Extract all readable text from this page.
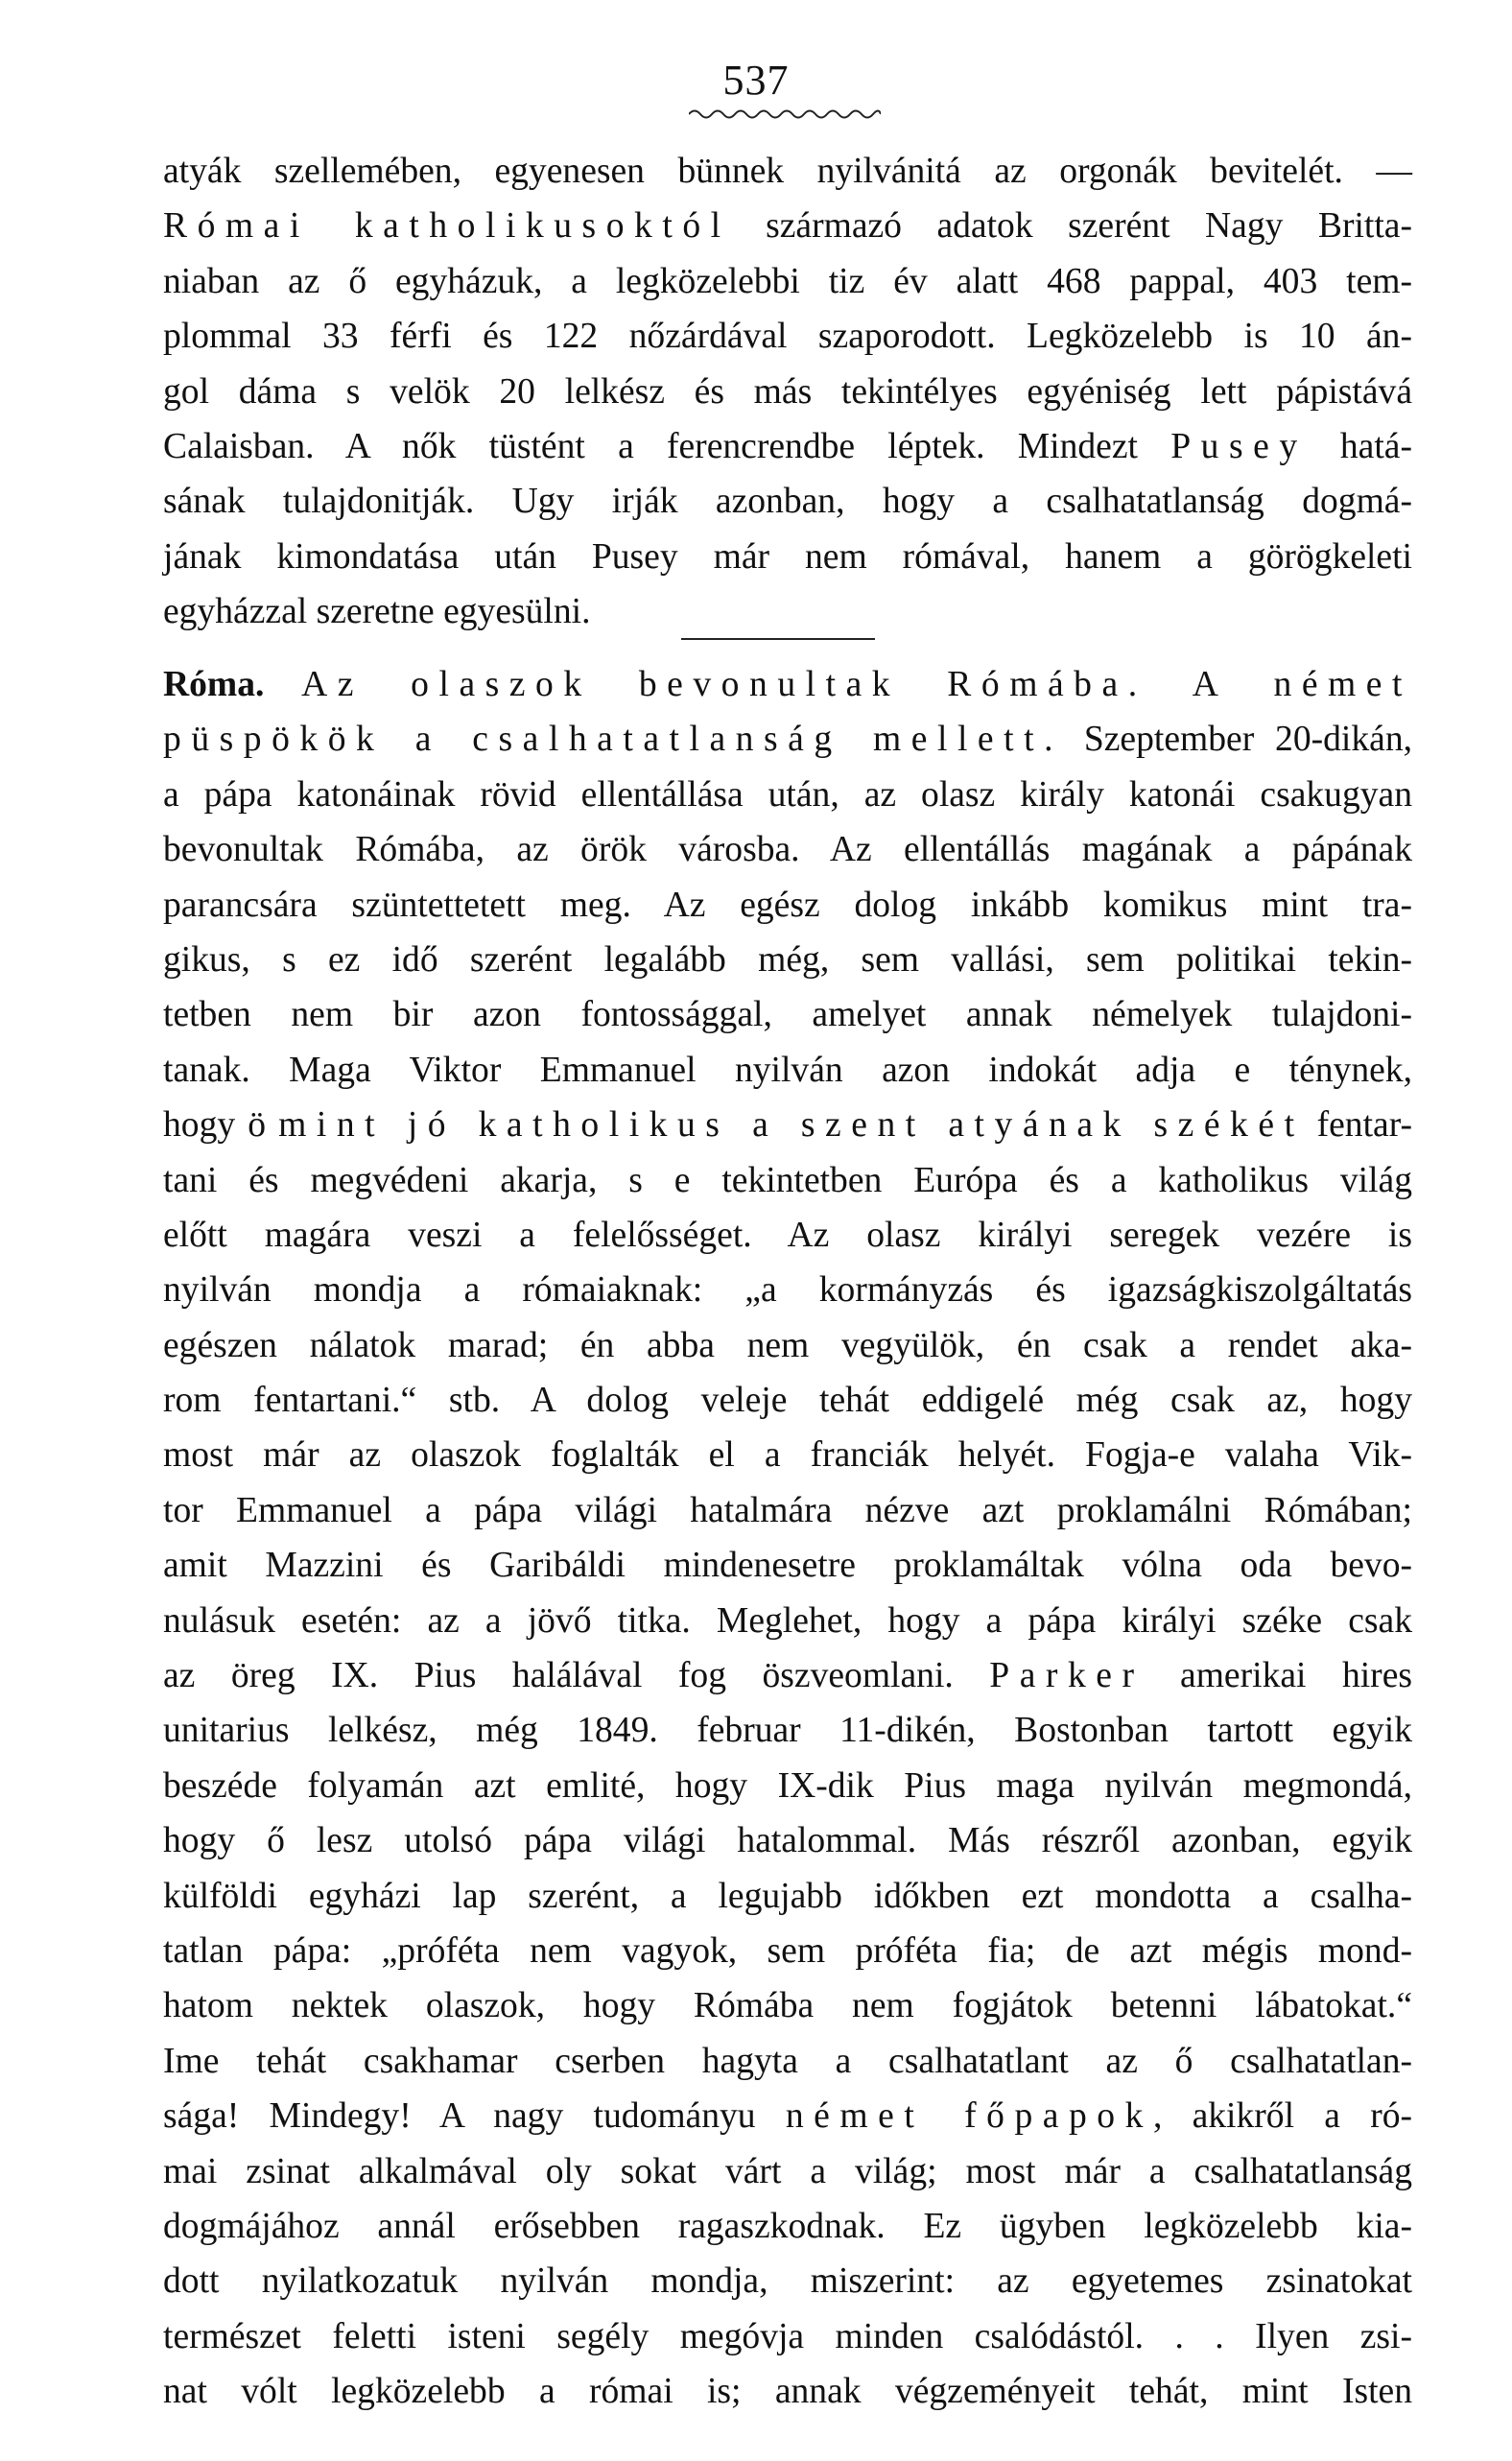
537
atyák szellemében, egyenesen bünnek nyilvánitá az orgonák bevitelét. —
Római katholikusoktól származó adatok szerént Nagy Britta-
niaban az ő egyházuk, a legközelebbi tiz év alatt 468 pappal, 403 tem-
plommal 33 férfi és 122 nőzárdával szaporodott. Legközelebb is 10 án-
gol dáma s velök 20 lelkész és más tekintélyes egyéniség lett pápistává
Calaisban. A nők tüstént a ferencrendbe léptek. Mindezt Pusey hatá-
sának tulajdonitják. Ugy irják azonban, hogy a csalhatatlanság dogmá-
jának kimondatása után Pusey már nem rómával, hanem a görögkeleti
egyházzal szeretne egyesülni.
Róma. Az olaszok bevonultak Rómába. A német
püspökök a csalhatatlanság mellett. Szeptember 20-dikán,
a pápa katonáinak rövid ellentállása után, az olasz király katonái csakugyan
bevonultak Rómába, az örök városba. Az ellentállás magának a pápának
parancsára szüntettetett meg. Az egész dolog inkább komikus mint tra-
gikus, s ez idő szerént legalább még, sem vallási, sem politikai tekin-
tetben nem bir azon fontossággal, amelyet annak némelyek tulajdoni-
tanak. Maga Viktor Emmanuel nyilván azon indokát adja e ténynek,
hogy ö mint jó katholikus a szent atyának székét fentar-
tani és megvédeni akarja, s e tekintetben Európa és a katholikus világ
előtt magára veszi a felelősséget. Az olasz királyi seregek vezére is
nyilván mondja a rómaiaknak: „a kormányzás és igazságkiszolgáltatás
egészen nálatok marad; én abba nem vegyülök, én csak a rendet aka-
rom fentartani.“ stb. A dolog veleje tehát eddigelé még csak az, hogy
most már az olaszok foglalták el a franciák helyét. Fogja-e valaha Vik-
tor Emmanuel a pápa világi hatalmára nézve azt proklamálni Rómában;
amit Mazzini és Garibáldi mindenesetre proklamáltak vólna oda bevo-
nulásuk esetén: az a jövő titka. Meglehet, hogy a pápa királyi széke csak
az öreg IX. Pius halálával fog öszveomlani. Parker amerikai hires
unitarius lelkész, még 1849. februar 11-dikén, Bostonban tartott egyik
beszéde folyamán azt emlité, hogy IX-dik Pius maga nyilván megmondá,
hogy ő lesz utolsó pápa világi hatalommal. Más részről azonban, egyik
külföldi egyházi lap szerént, a legujabb időkben ezt mondotta a csalha-
tatlan pápa: „próféta nem vagyok, sem próféta fia; de azt mégis mond-
hatom nektek olaszok, hogy Rómába nem fogjátok betenni lábatokat.“
Ime tehát csakhamar cserben hagyta a csalhatatlant az ő csalhatatlan-
sága! Mindegy! A nagy tudományu német főpapok, akikről a ró-
mai zsinat alkalmával oly sokat várt a világ; most már a csalhatatlanság
dogmájához annál erősebben ragaszkodnak. Ez ügyben legközelebb kia-
dott nyilatkozatuk nyilván mondja, miszerint: az egyetemes zsinatokat
természet feletti isteni segély megóvja minden csalódástól. . . Ilyen zsi-
nat vólt legközelebb a római is; annak végzeményeit tehát, mint Isten
